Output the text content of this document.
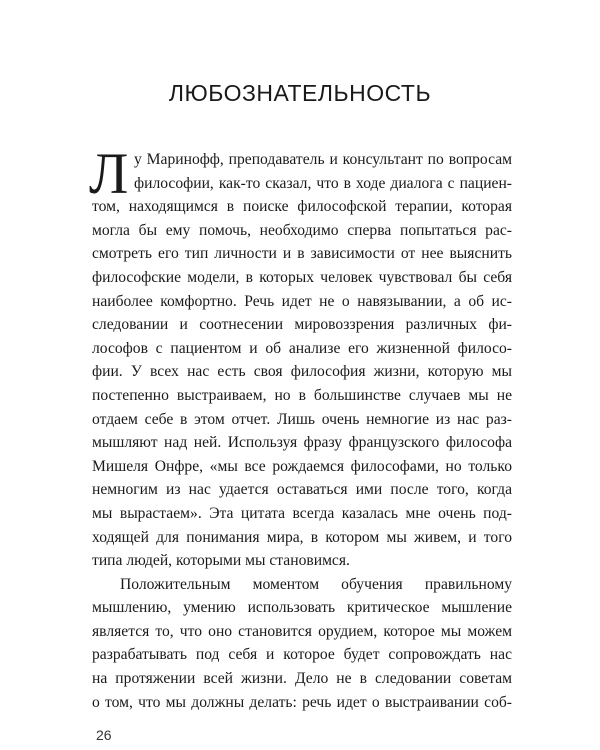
ЛЮБОЗНАТЕЛЬНОСТЬ
Л у Маринофф, преподаватель и консультант по вопросам
философии, как-то сказал, что в ходе диалога с пациен-
том, находящимся в поиске философской терапии, которая
могла бы ему помочь, необходимо сперва попытаться рас-
смотреть его тип личности и в зависимости от нее выяснить
философские модели, в которых человек чувствовал бы себя
наиболее комфортно. Речь идет не о навязывании, а об ис-
следовании и соотнесении мировоззрения различных фи-
лософов с пациентом и об анализе его жизненной филосо-
фии. У всех нас есть своя философия жизни, которую мы
постепенно выстраиваем, но в большинстве случаев мы не
отдаем себе в этом отчет. Лишь очень немногие из нас раз-
мышляют над ней. Используя фразу французского философа
Мишеля Онфре, «мы все рождаемся философами, но только
немногим из нас удается оставаться ими после того, когда
мы вырастаем». Эта цитата всегда казалась мне очень под-
ходящей для понимания мира, в котором мы живем, и того
типа людей, которыми мы становимся.
Положительным моментом обучения правильному
мышлению, умению использовать критическое мышление
является то, что оно становится орудием, которое мы можем
разрабатывать под себя и которое будет сопровождать нас
на протяжении всей жизни. Дело не в следовании советам
о том, что мы должны делать: речь идет о выстраивании соб-
26
